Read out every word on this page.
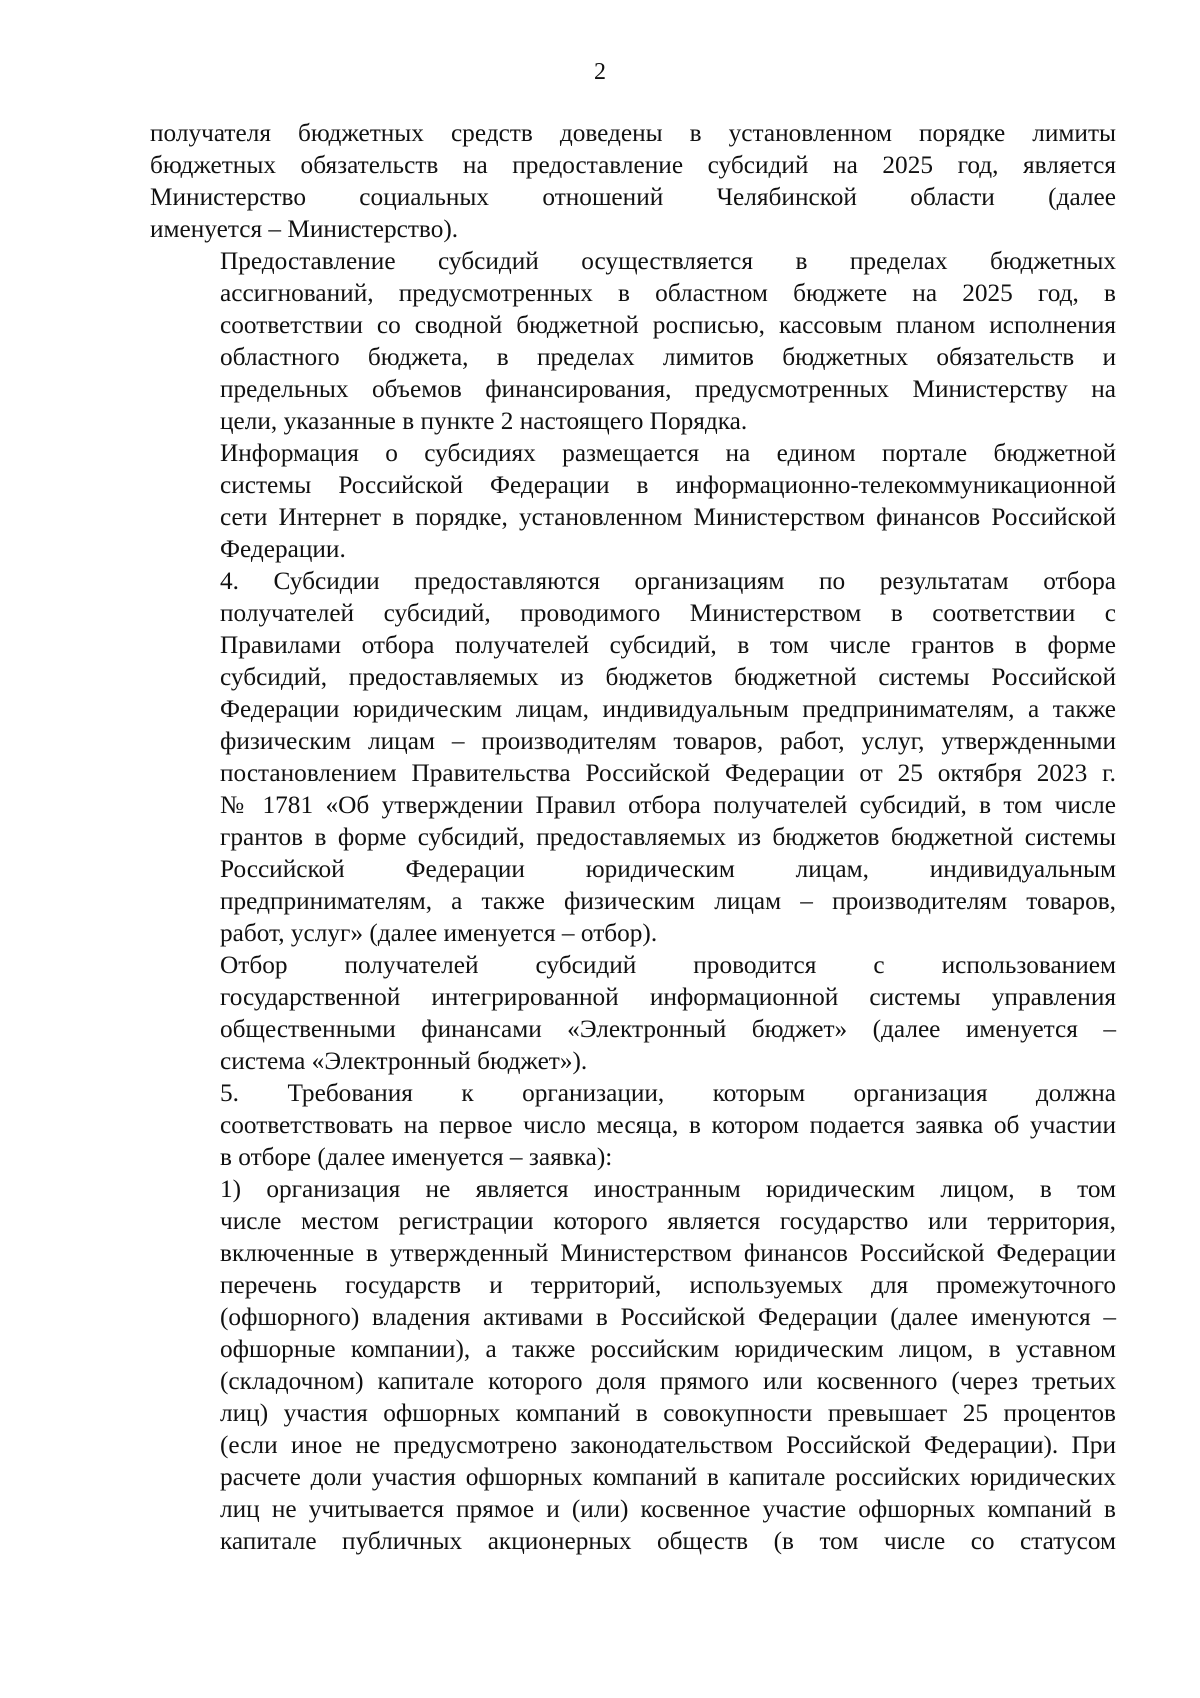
2

получателя бюджетных средств доведены в установленном порядке лимиты
бюджетных обязательств на предоставление субсидий на 2025 год, является
Министерство социальных отношений Челябинской области (далее
именуется – Министерство).

Предоставление субсидий осуществляется в пределах бюджетных
ассигнований, предусмотренных в областном бюджете на 2025 год, в
соответствии со сводной бюджетной росписью, кассовым планом исполнения
областного бюджета, в пределах лимитов бюджетных обязательств и
предельных объемов финансирования, предусмотренных Министерству на
цели, указанные в пункте 2 настоящего Порядка.

Информация о субсидиях размещается на едином портале бюджетной
системы Российской Федерации в информационно-телекоммуникационной
сети Интернет в порядке, установленном Министерством финансов Российской
Федерации.

4. Субсидии предоставляются организациям по результатам отбора
получателей субсидий, проводимого Министерством в соответствии с
Правилами отбора получателей субсидий, в том числе грантов в форме
субсидий, предоставляемых из бюджетов бюджетной системы Российской
Федерации юридическим лицам, индивидуальным предпринимателям, а также
физическим лицам – производителям товаров, работ, услуг, утвержденными
постановлением Правительства Российской Федерации от 25 октября 2023 г.
№ 1781 «Об утверждении Правил отбора получателей субсидий, в том числе
грантов в форме субсидий, предоставляемых из бюджетов бюджетной системы
Российской Федерации юридическим лицам, индивидуальным
предпринимателям, а также физическим лицам – производителям товаров,
работ, услуг» (далее именуется – отбор).

Отбор получателей субсидий проводится с использованием
государственной интегрированной информационной системы управления
общественными финансами «Электронный бюджет» (далее именуется –
система «Электронный бюджет»).

5. Требования к организации, которым организация должна
соответствовать на первое число месяца, в котором подается заявка об участии
в отборе (далее именуется – заявка):

1) организация не является иностранным юридическим лицом, в том
числе местом регистрации которого является государство или территория,
включенные в утвержденный Министерством финансов Российской Федерации
перечень государств и территорий, используемых для промежуточного
(офшорного) владения активами в Российской Федерации (далее именуются –
офшорные компании), а также российским юридическим лицом, в уставном
(складочном) капитале которого доля прямого или косвенного (через третьих
лиц) участия офшорных компаний в совокупности превышает 25 процентов
(если иное не предусмотрено законодательством Российской Федерации). При
расчете доли участия офшорных компаний в капитале российских юридических
лиц не учитывается прямое и (или) косвенное участие офшорных компаний в
капитале публичных акционерных обществ (в том числе со статусом
